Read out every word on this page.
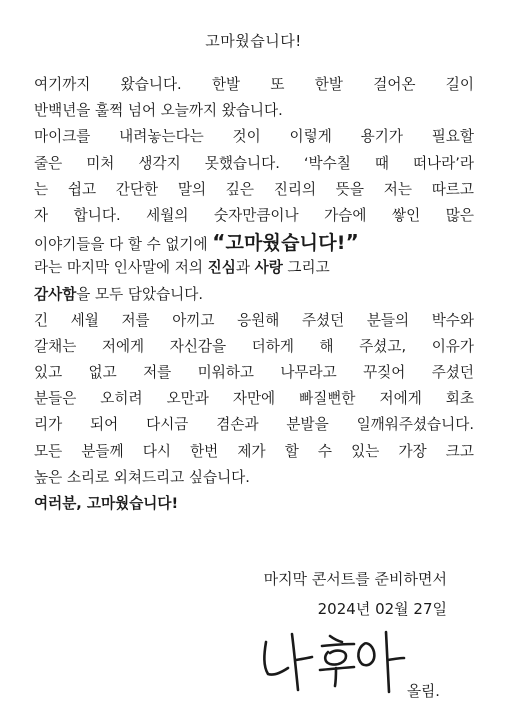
고마웠습니다!
여기까지 왔습니다. 한발 또 한발 걸어온 길이
반백년을 훌쩍 넘어 오늘까지 왔습니다.
마이크를 내려놓는다는 것이 이렇게 용기가 필요할
줄은 미처 생각지 못했습니다. ‘박수칠 때 떠나라’라
는 쉽고 간단한 말의 깊은 진리의 뜻을 저는 따르고
자 합니다. 세월의 숫자만큼이나 가슴에 쌓인 많은
이야기들을 다 할 수 없기에 “고마웠습니다!”
라는 마지막 인사말에 저의 진심과 사랑 그리고
감사함을 모두 담았습니다.
긴 세월 저를 아끼고 응원해 주셨던 분들의 박수와
갈채는 저에게 자신감을 더하게 해 주셨고, 이유가
있고 없고 저를 미워하고 나무라고 꾸짖어 주셨던
분들은 오히려 오만과 자만에 빠질뻔한 저에게 회초
리가 되어 다시금 겸손과 분발을 일깨워주셨습니다.
모든 분들께 다시 한번 제가 할 수 있는 가장 크고
높은 소리로 외쳐드리고 싶습니다.
여러분, 고마웠습니다!
마지막 콘서트를 준비하면서
2024년 02월 27일
올림.
